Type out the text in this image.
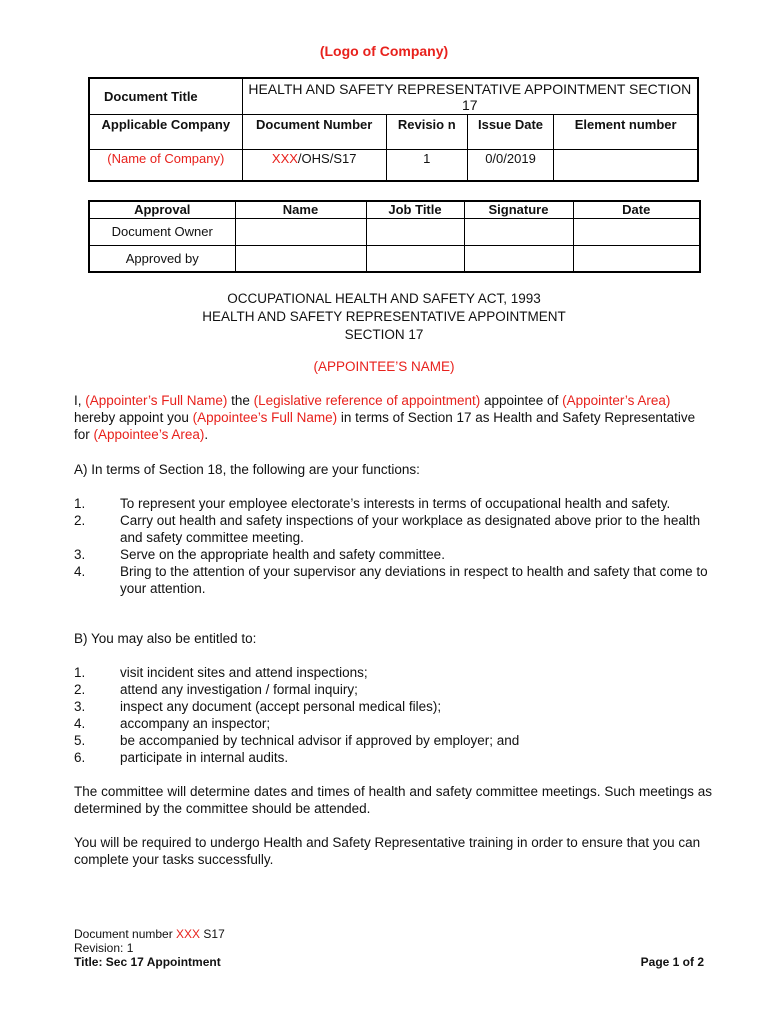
(Logo of Company)
Document Title	HEALTH AND SAFETY REPRESENTATIVE APPOINTMENT SECTION 17			
Applicable Company	Document Number	Revisio n	Issue Date	Element number
(Name of Company)	XXX/OHS/S17	1	0/0/2019	
Approval	Name	Job Title	Signature	Date
Document Owner				
Approved by				
OCCUPATIONAL HEALTH AND SAFETY ACT, 1993
HEALTH AND SAFETY REPRESENTATIVE APPOINTMENT
SECTION 17
(APPOINTEE’S NAME)
I, (Appointer’s Full Name) the (Legislative reference of appointment) appointee of (Appointer’s Area) hereby appoint you (Appointee’s Full Name) in terms of Section 17 as Health and Safety Representative for (Appointee’s Area).
A) In terms of Section 18, the following are your functions:
1.	To represent your employee electorate’s interests in terms of occupational health and safety.
2.	Carry out health and safety inspections of your workplace as designated above prior to the health and safety committee meeting.
3.	Serve on the appropriate health and safety committee.
4.	Bring to the attention of your supervisor any deviations in respect to health and safety that come to your attention.
B) You may also be entitled to:
1.	visit incident sites and attend inspections;
2.	attend any investigation / formal inquiry;
3.	inspect any document (accept personal medical files);
4.	accompany an inspector;
5.	be accompanied by technical advisor if approved by employer; and
6.	participate in internal audits.
The committee will determine dates and times of health and safety committee meetings. Such meetings as determined by the committee should be attended.
You will be required to undergo Health and Safety Representative training in order to ensure that you can complete your tasks successfully.
Document number XXX S17
Revision: 1
Title: Sec 17 Appointment	Page 1 of 2
